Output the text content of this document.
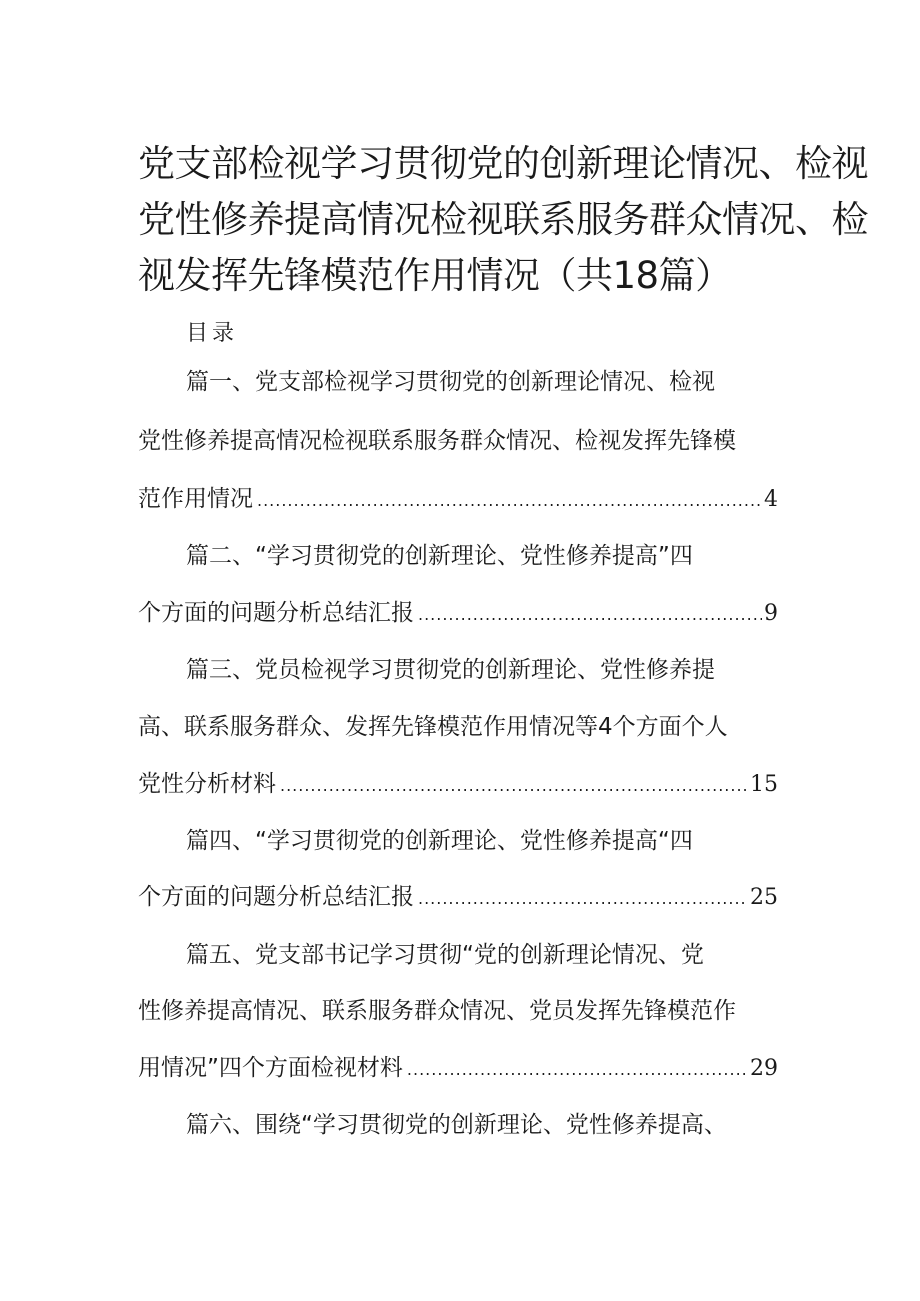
党支部检视学习贯彻党的创新理论情况、检视
党性修养提高情况检视联系服务群众情况、检
视发挥先锋模范作用情况（共18篇）
目录

篇一、党支部检视学习贯彻党的创新理论情况、检视

党性修养提高情况检视联系服务群众情况、检视发挥先锋模

范作用情况 .....	4

篇二、“学习贯彻党的创新理论、党性修养提高”四

个方面的问题分析总结汇报 .....	9

篇三、党员检视学习贯彻党的创新理论、党性修养提

高、联系服务群众、发挥先锋模范作用情况等4个方面个人

党性分析材料 .....	15

篇四、“学习贯彻党的创新理论、党性修养提高“四

个方面的问题分析总结汇报 .....	25

篇五、党支部书记学习贯彻“党的创新理论情况、党

性修养提高情况、联系服务群众情况、党员发挥先锋模范作

用情况”四个方面检视材料 .....	29

篇六、围绕“学习贯彻党的创新理论、党性修养提高、
